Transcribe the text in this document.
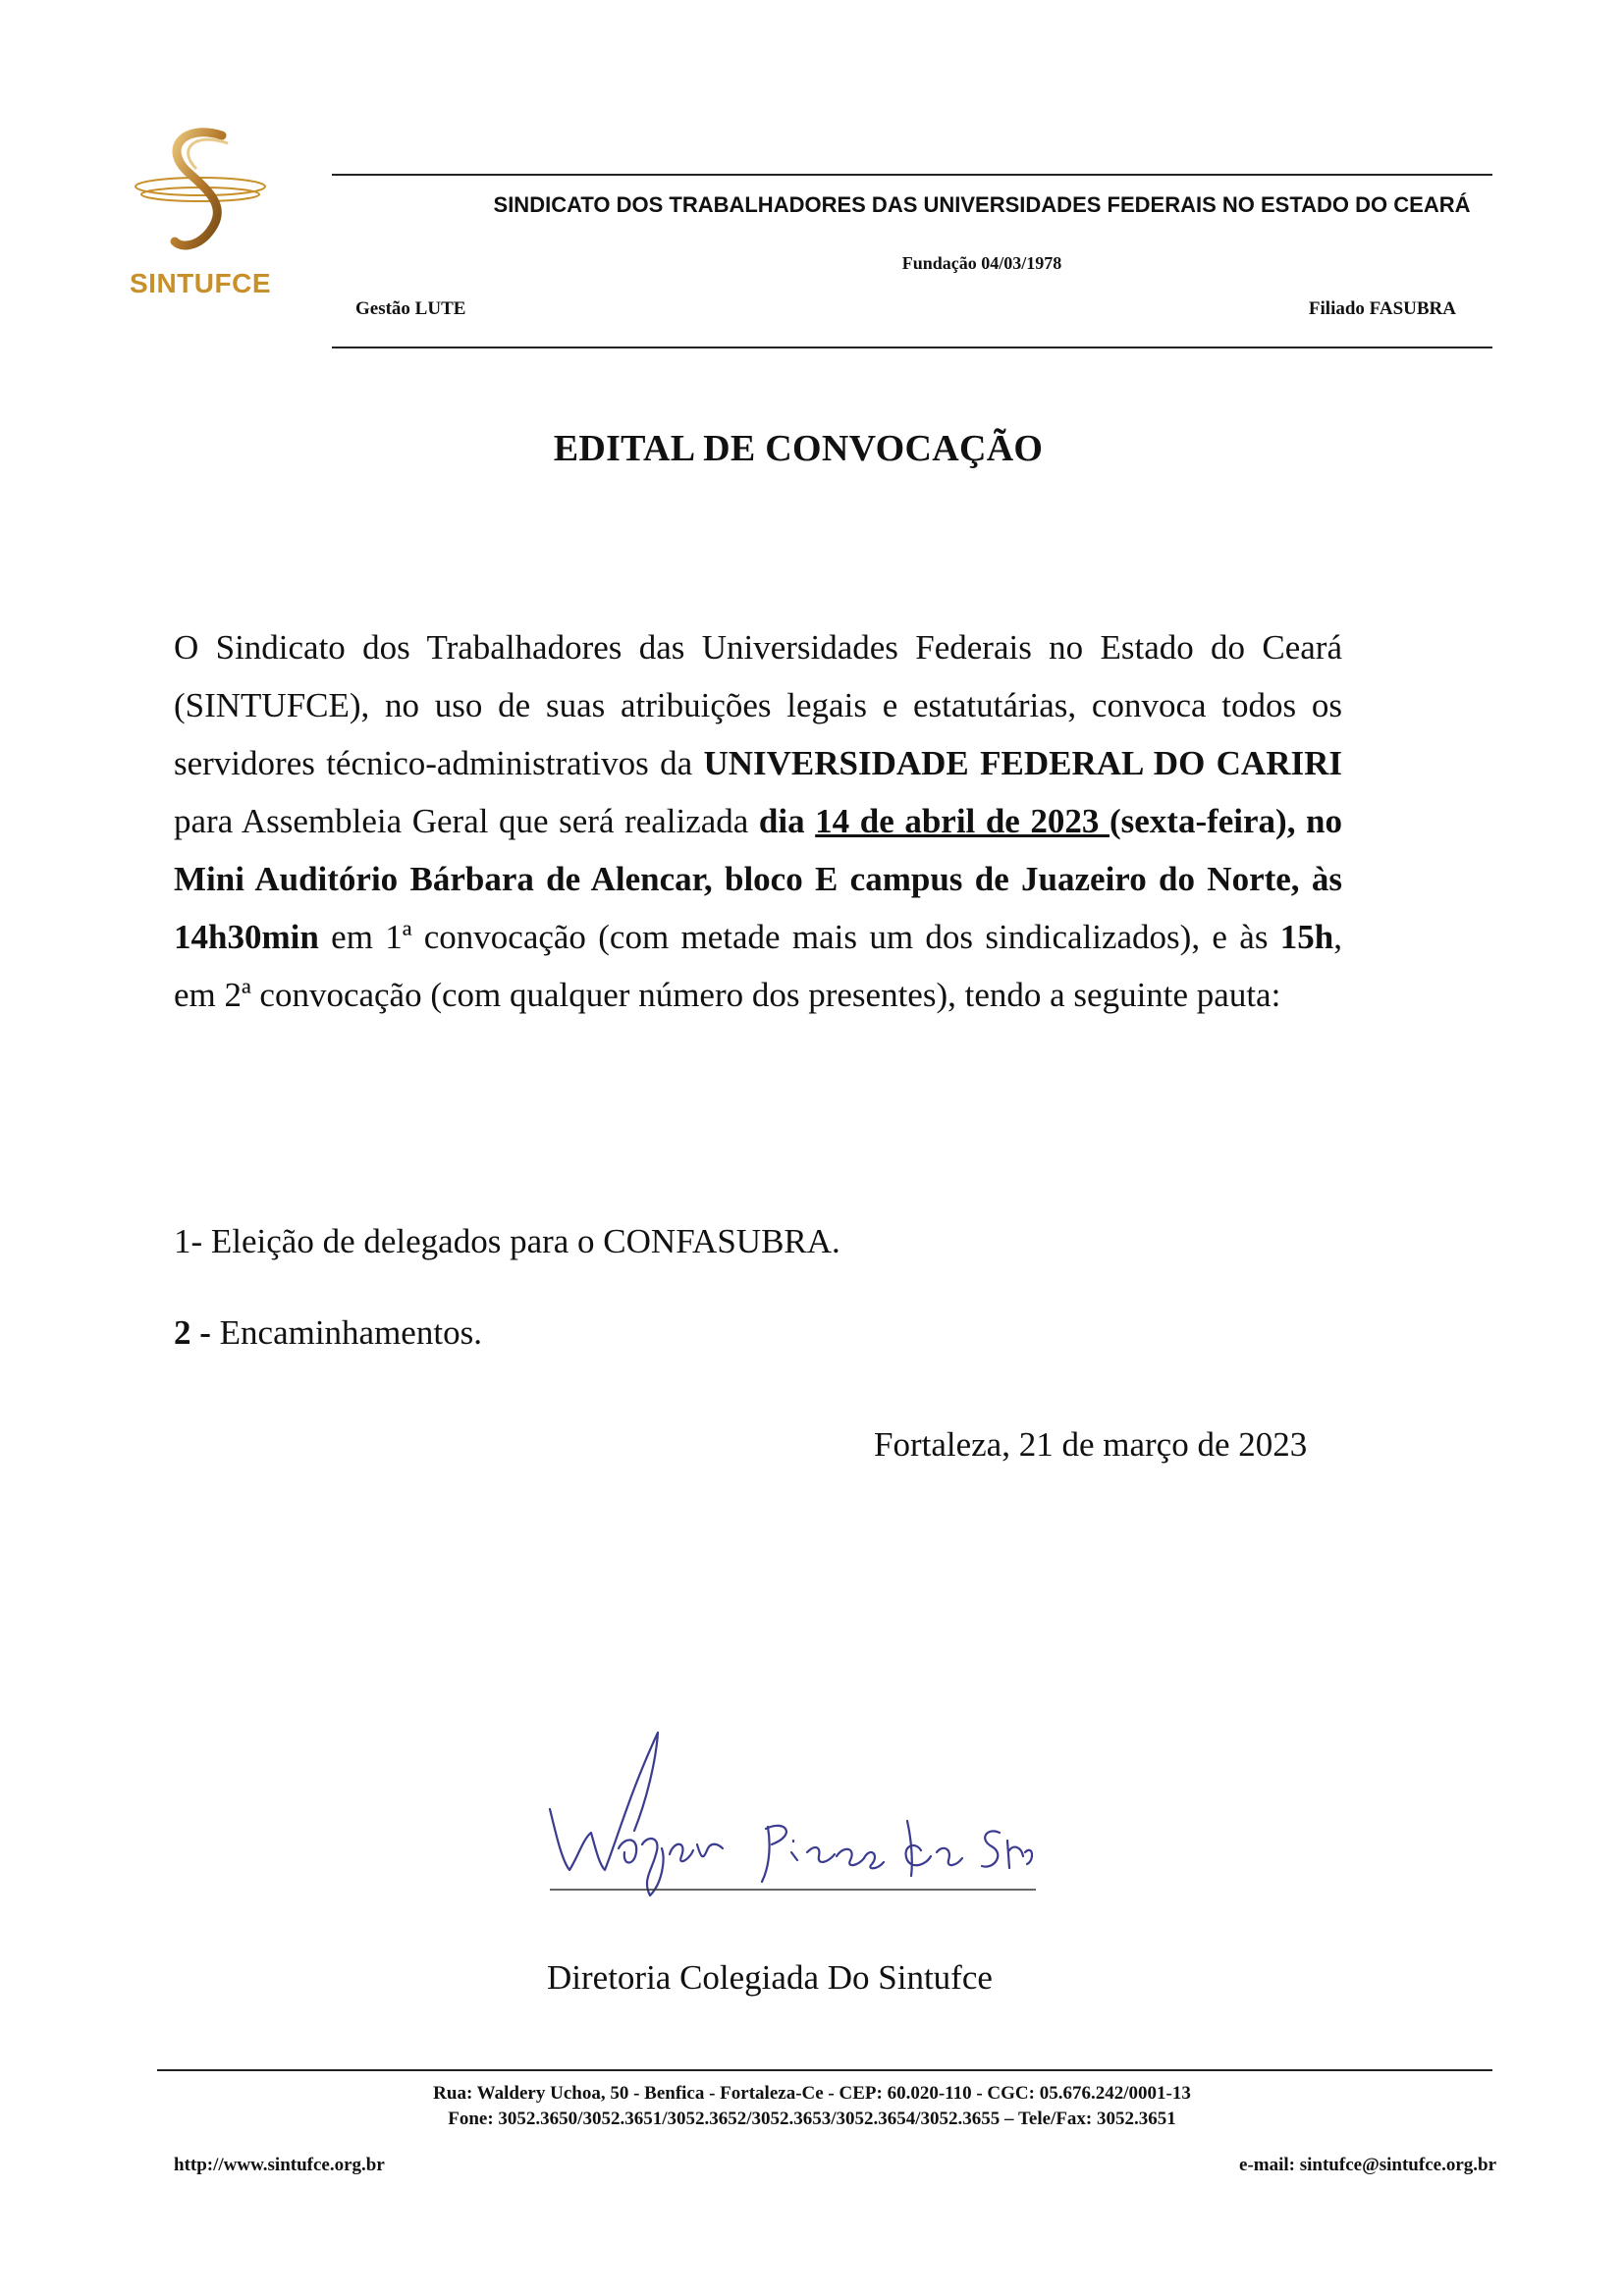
SINTUFCE
SINDICATO DOS TRABALHADORES DAS UNIVERSIDADES FEDERAIS NO ESTADO DO CEARÁ
Fundação 04/03/1978
Gestão LUTE	Filiado FASUBRA
EDITAL DE CONVOCAÇÃO
O Sindicato dos Trabalhadores das Universidades Federais no Estado do Ceará (SINTUFCE), no uso de suas atribuições legais e estatutárias, convoca todos os servidores técnico-administrativos da UNIVERSIDADE FEDERAL DO CARIRI para Assembleia Geral que será realizada dia 14 de abril de 2023 (sexta-feira), no Mini Auditório Bárbara de Alencar, bloco E campus de Juazeiro do Norte, às 14h30min em 1ª convocação (com metade mais um dos sindicalizados), e às 15h, em 2ª convocação (com qualquer número dos presentes), tendo a seguinte pauta:
1- Eleição de delegados para o CONFASUBRA.
2 - Encaminhamentos.
Fortaleza, 21 de março de 2023
Diretoria Colegiada Do Sintufce
Rua: Waldery Uchoa, 50 - Benfica - Fortaleza-Ce - CEP: 60.020-110 - CGC: 05.676.242/0001-13
Fone: 3052.3650/3052.3651/3052.3652/3052.3653/3052.3654/3052.3655 – Tele/Fax: 3052.3651
http://www.sintufce.org.br	e-mail: sintufce@sintufce.org.br
